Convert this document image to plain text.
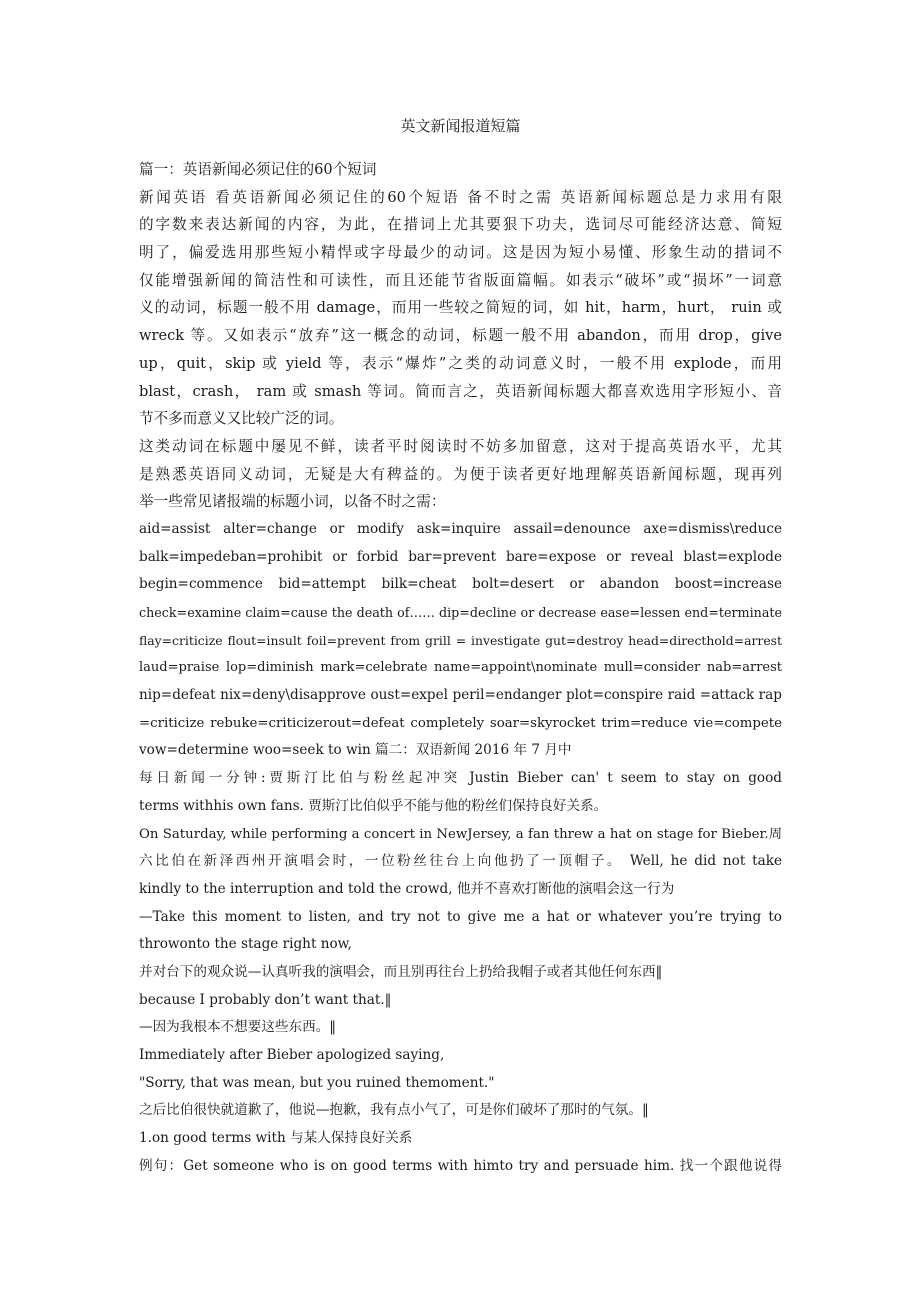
英文新闻报道短篇
篇一：英语新闻必须记住的60个短词
新闻英语 看英语新闻必须记住的60个短语 备不时之需 英语新闻标题总是力求用有限
的字数来表达新闻的内容，为此，在措词上尤其要狠下功夫，选词尽可能经济达意、简短
明了，偏爱选用那些短小精悍或字母最少的动词。这是因为短小易懂、形象生动的措词不
仅能增强新闻的简洁性和可读性，而且还能节省版面篇幅。如表示“破坏”或“损坏”一词意
义的动词，标题一般不用 damage，而用一些较之简短的词，如 hit，harm，hurt， ruin 或
wreck 等。又如表示“放弃”这一概念的动词，标题一般不用 abandon，而用 drop，give
up，quit，skip 或 yield 等，表示“爆炸”之类的动词意义时，一般不用 explode，而用
blast，crash， ram 或 smash 等词。简而言之，英语新闻标题大都喜欢选用字形短小、音
节不多而意义又比较广泛的词。
这类动词在标题中屡见不鲜，读者平时阅读时不妨多加留意，这对于提高英语水平，尤其
是熟悉英语同义动词，无疑是大有稗益的。为便于读者更好地理解英语新闻标题，现再列
举一些常见诸报端的标题小词，以备不时之需：
aid=assist alter=change or modify ask=inquire assail=denounce axe=dismiss\reduce
balk=impedeban=prohibit or forbid bar=prevent bare=expose or reveal blast=explode
begin=commence bid=attempt bilk=cheat bolt=desert or abandon boost=increase
check=examine claim=cause the death of…… dip=decline or decrease ease=lessen end=terminate
flay=criticize flout=insult foil=prevent from grill = investigate gut=destroy head=directhold=arrest
laud=praise lop=diminish mark=celebrate name=appoint\nominate mull=consider nab=arrest
nip=defeat nix=deny\disapprove oust=expel peril=endanger plot=conspire raid =attack rap
=criticize rebuke=criticizerout=defeat completely soar=skyrocket trim=reduce vie=compete
vow=determine woo=seek to win 篇二：双语新闻 2016 年 7 月中
每日新闻一分钟:贾斯汀比伯与粉丝起冲突 Justin Bieber can' t seem to stay on good
terms withhis own fans. 贾斯汀比伯似乎不能与他的粉丝们保持良好关系。
On Saturday, while performing a concert in NewJersey, a fan threw a hat on stage for Bieber.周
六比伯在新泽西州开演唱会时，一位粉丝往台上向他扔了一顶帽子。 Well, he did not take
kindly to the interruption and told the crowd, 他并不喜欢打断他的演唱会这一行为
—Take this moment to listen, and try not to give me a hat or whatever you’re trying to
throwonto the stage right now,
并对台下的观众说—认真听我的演唱会，而且别再往台上扔给我帽子或者其他任何东西‖
because I probably don’t want that.‖
—因为我根本不想要这些东西。‖
Immediately after Bieber apologized saying,
"Sorry, that was mean, but you ruined themoment."
之后比伯很快就道歉了，他说—抱歉，我有点小气了，可是你们破坏了那时的气氛。‖
1.on good terms with 与某人保持良好关系
例句：Get someone who is on good terms with himto try and persuade him. 找一个跟他说得
